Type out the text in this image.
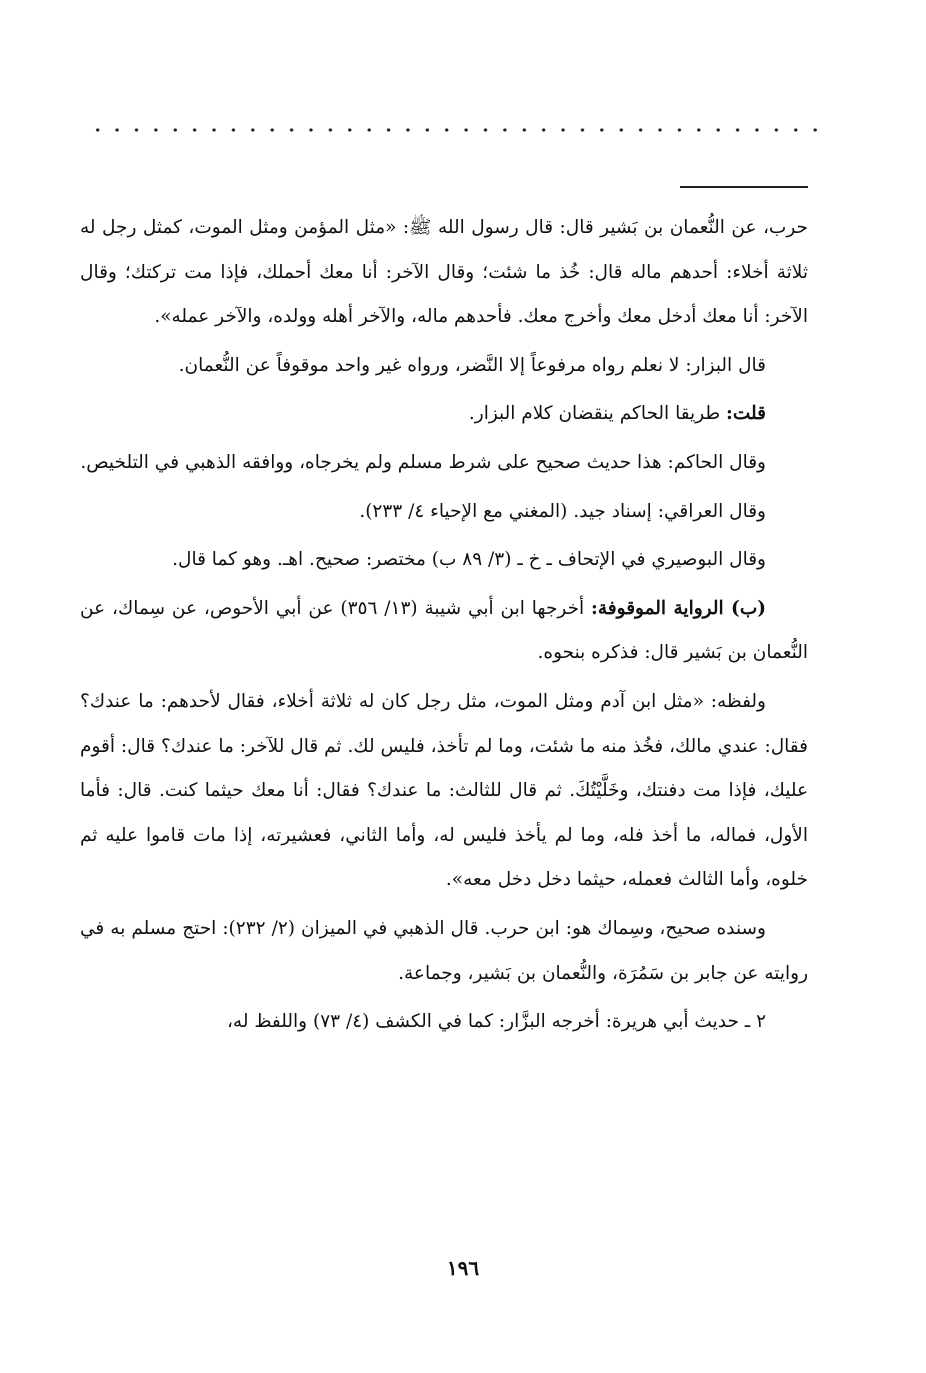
حرب، عن النُّعمان بن بَشير قال: قال رسول الله ﷺ: «مثل المؤمن ومثل الموت، كمثل رجل له ثلاثة أخلاء: أحدهم ماله قال: خُذ ما شئت؛ وقال الآخر: أنا معك أحملك، فإذا مت تركتك؛ وقال الآخر: أنا معك أدخل معك وأخرج معك. فأحدهم ماله، والآخر أهله وولده، والآخر عمله».

قال البزار: لا نعلم رواه مرفوعاً إلا النَّضر، ورواه غير واحد موقوفاً عن النُّعمان.

قلت: طريقا الحاكم ينقضان كلام البزار.

وقال الحاكم: هذا حديث صحيح على شرط مسلم ولم يخرجاه، ووافقه الذهبي في التلخيص.

وقال العراقي: إسناد جيد. (المغني مع الإحياء ٤/ ٢٣٣).

وقال البوصيري في الإتحاف ـ خ ـ (٣/ ٨٩ ب) مختصر: صحيح. اهـ. وهو كما قال.

(ب) الرواية الموقوفة: أخرجها ابن أبي شيبة (١٣/ ٣٥٦) عن أبي الأحوص، عن سِماك، عن النُّعمان بن بَشير قال: فذكره بنحوه.

ولفظه: «مثل ابن آدم ومثل الموت، مثل رجل كان له ثلاثة أخلاء، فقال لأحدهم: ما عندك؟ فقال: عندي مالك، فخُذ منه ما شئت، وما لم تأخذ، فليس لك. ثم قال للآخر: ما عندك؟ قال: أقوم عليك، فإذا مت دفنتك، وخَلَّيْتُكَ. ثم قال للثالث: ما عندك؟ فقال: أنا معك حيثما كنت. قال: فأما الأول، فماله، ما أخذ فله، وما لم يأخذ فليس له، وأما الثاني، فعشيرته، إذا مات قاموا عليه ثم خلوه، وأما الثالث فعمله، حيثما دخل دخل معه».

وسنده صحيح، وسِماك هو: ابن حرب. قال الذهبي في الميزان (٢/ ٢٣٢): احتج مسلم به في روايته عن جابر بن سَمُرَة، والنُّعمان بن بَشير، وجماعة.

٢ ـ حديث أبي هريرة: أخرجه البزَّار: كما في الكشف (٤/ ٧٣) واللفظ له،

١٩٦
